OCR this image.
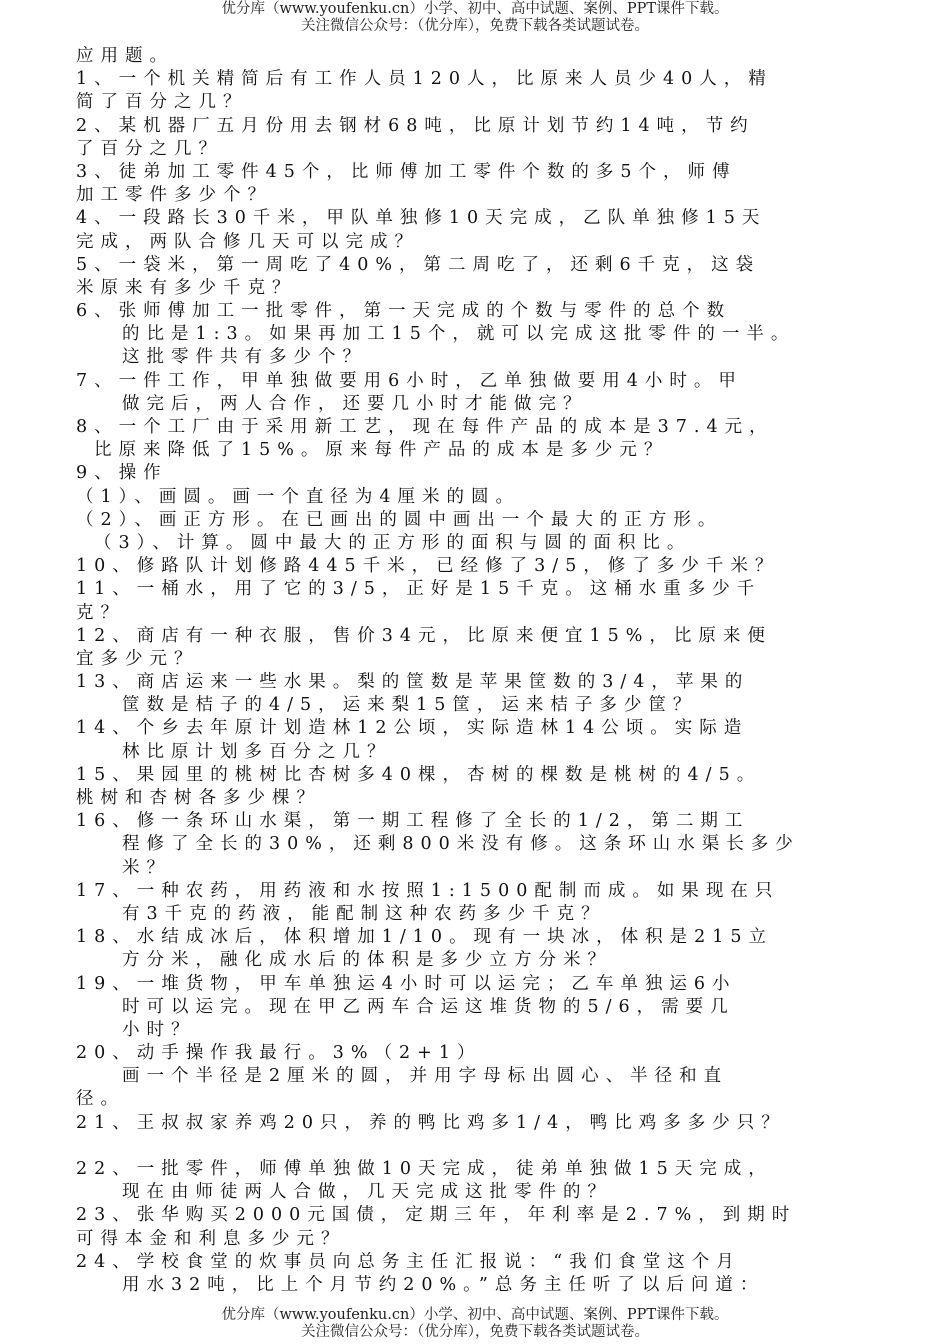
优分库（www.youfenku.cn）小学、初中、高中试题、案例、PPT课件下载。
关注微信公众号：（优分库），免费下载各类试题试卷。
应用题。
1、一个机关精简后有工作人员120人，比原来人员少40人，精
简了百分之几？
2、某机器厂五月份用去钢材68吨，比原计划节约14吨，节约
了百分之几？
3、徒弟加工零件45个，比师傅加工零件个数的多5个，师傅
加工零件多少个？
4、一段路长30千米，甲队单独修10天完成，乙队单独修15天
完成，两队合修几天可以完成？
5、一袋米，第一周吃了40%，第二周吃了，还剩6千克，这袋
米原来有多少千克？
6、张师傅加工一批零件，第一天完成的个数与零件的总个数
的比是1:3。如果再加工15个，就可以完成这批零件的一半。
这批零件共有多少个？
7、一件工作，甲单独做要用6小时，乙单独做要用4小时。甲
做完后，两人合作，还要几小时才能做完？
8、一个工厂由于采用新工艺，现在每件产品的成本是37.4元，
比原来降低了15%。原来每件产品的成本是多少元？
9、操作
（1）、画圆。画一个直径为4厘米的圆。
（2）、画正方形。在已画出的圆中画出一个最大的正方形。
（3）、计算。圆中最大的正方形的面积与圆的面积比。
10、修路队计划修路445千米，已经修了3/5，修了多少千米？
11、一桶水，用了它的3/5，正好是15千克。这桶水重多少千
克？
12、商店有一种衣服，售价34元，比原来便宜15%，比原来便
宜多少元？
13、商店运来一些水果。梨的筐数是苹果筐数的3/4，苹果的
筐数是桔子的4/5，运来梨15筐，运来桔子多少筐？
14、个乡去年原计划造林12公顷，实际造林14公顷。实际造
林比原计划多百分之几？
15、果园里的桃树比杏树多40棵，杏树的棵数是桃树的4/5。
桃树和杏树各多少棵？
16、修一条环山水渠，第一期工程修了全长的1/2，第二期工
程修了全长的30%，还剩800米没有修。这条环山水渠长多少
米？
17、一种农药，用药液和水按照1:1500配制而成。如果现在只
有3千克的药液，能配制这种农药多少千克？
18、水结成冰后，体积增加1/10。现有一块冰，体积是215立
方分米，融化成水后的体积是多少立方分米？
19、一堆货物，甲车单独运4小时可以运完；乙车单独运6小
时可以运完。现在甲乙两车合运这堆货物的5/6，需要几
小时？
20、动手操作我最行。3%（2+1）
画一个半径是2厘米的圆，并用字母标出圆心、半径和直
径。
21、王叔叔家养鸡20只，养的鸭比鸡多1/4，鸭比鸡多多少只？
22、一批零件，师傅单独做10天完成，徒弟单独做15天完成，
现在由师徒两人合做，几天完成这批零件的？
23、张华购买2000元国债，定期三年，年利率是2.7%，到期时
可得本金和利息多少元？
24、学校食堂的炊事员向总务主任汇报说：“我们食堂这个月
用水32吨，比上个月节约20%。”总务主任听了以后问道：
优分库（www.youfenku.cn）小学、初中、高中试题、案例、PPT课件下载。
关注微信公众号：（优分库），免费下载各类试题试卷。
